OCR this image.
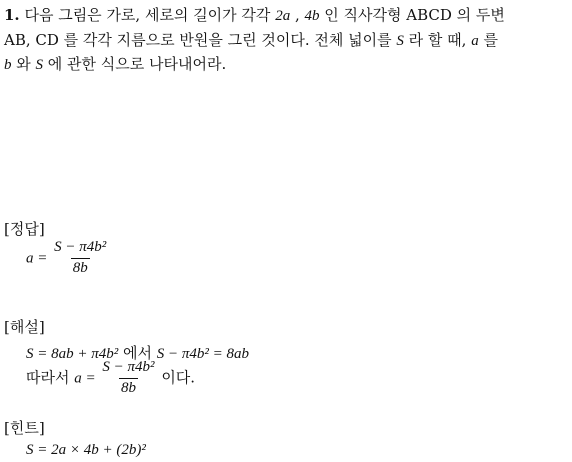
1. 다음 그림은 가로, 세로의 길이가 각각 2a , 4b 인 직사각형 ABCD 의 두변
AB, CD 를 각각 지름으로 반원을 그린 것이다. 전체 넓이를 S 라 할 때, a 를
b 와 S 에 관한 식으로 나타내어라.
[정답]
$a = \frac{\text{S − π4b²}}{8b}$
[해설]
S = 8ab + π4b² 에서 S − π4b² = 8ab
따라서 $a = \frac{\text{S − π4b²}}{8b}$ 이다.
[힌트]
S = 2a × 4b + (2b)²
